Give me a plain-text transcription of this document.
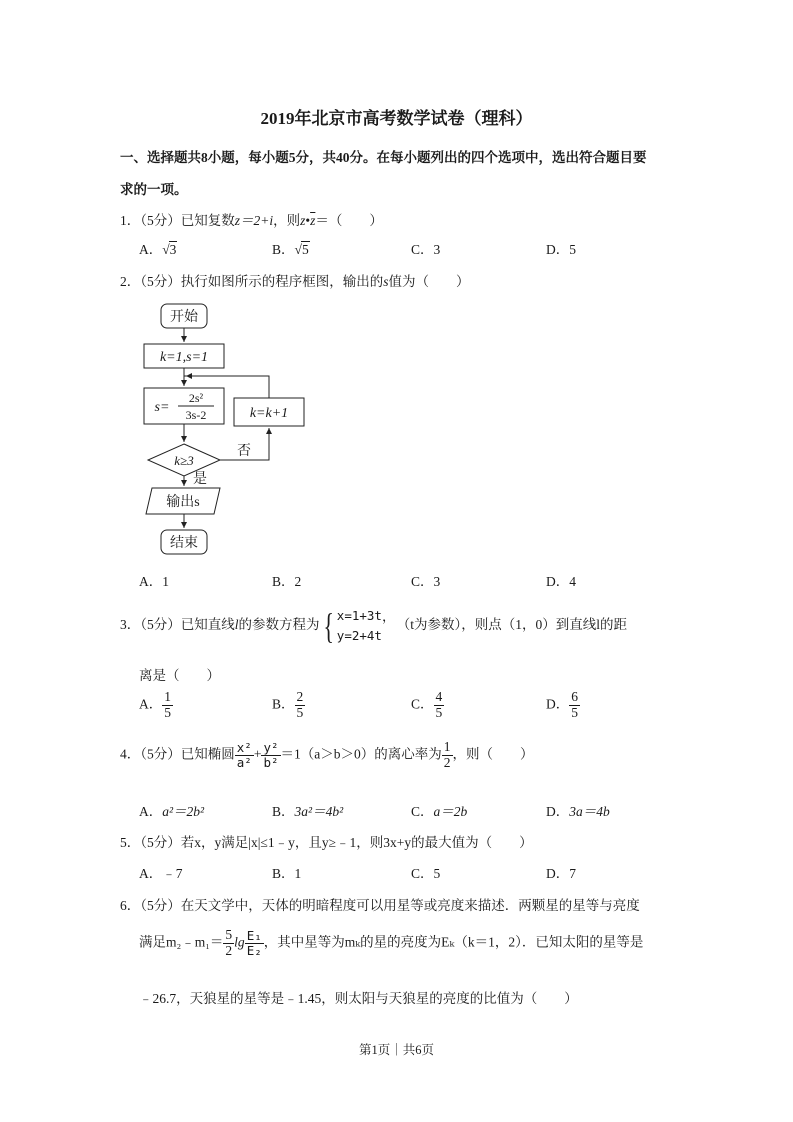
2019年北京市高考数学试卷（理科）
一、选择题共8小题，每小题5分，共40分。在每小题列出的四个选项中，选出符合题目要
求的一项。
1．（5分）已知复数z＝2+i，则$z•\overline{z}=$（　　）
A．√3	B．√5	C．3	D．5
2．（5分）执行如图所示的程序框图，输出的s值为（　　）
开始
k=1,s=1
s=
2s²
3s-2	k=k+1
k≥3
否
是
输出s
结束
A．1	B．2	C．3	D．4
3．（5分）已知直线l的参数方程为{ x=1+3t
y=2+4t
，（t为参数），则点（1，0）到直线l的距
离是（　　）
A． $\frac{1}{5}$	B． $\frac{2}{5}$	C． $\frac{4}{5}$	D． $\frac{6}{5}$
4．（5分）已知椭圆 $\frac{\text{x²}}{\text{a²}} + \frac{\text{y²}}{\text{b²}} =1(a>b>0)$的离心率为 $\frac{1}{2}$ ，则（　　）
A．a²＝2b²	B．3a²＝4b²	C．a＝2b	D．3a＝4b
5．（5分）若x，y满足|x|≤1﹣y，且y≥﹣1，则3x+y的最大值为（　　）
A．﹣7	B．1	C．5	D．7
6．（5分）在天文学中，天体的明暗程度可以用星等或亮度来描述．两颗星的星等与亮度
满足m₂﹣m₁＝ $\frac{5}{2}$ $\lg \frac{\text{E₁}}{\text{E₂}}$ ，其中星等为mₖ的星的亮度为Eₖ（k＝1，2）．已知太阳的星等是
﹣26.7，天狼星的星等是﹣1.45，则太阳与天狼星的亮度的比值为（　　）
第1页｜共6页
